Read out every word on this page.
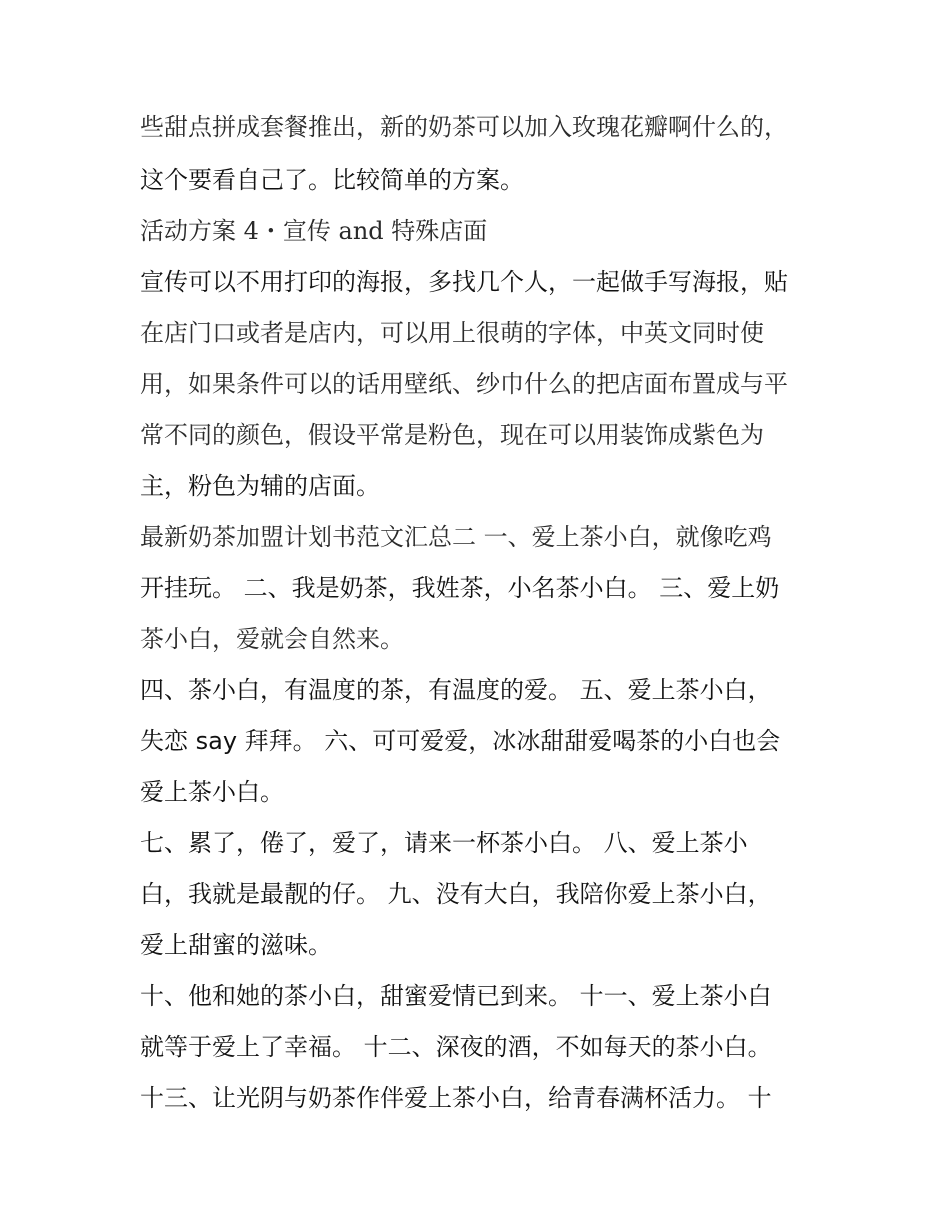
些甜点拼成套餐推出，新的奶茶可以加入玫瑰花瓣啊什么的，
这个要看自己了。比较简单的方案。
活动方案 4・宣传 and 特殊店面
宣传可以不用打印的海报，多找几个人，一起做手写海报，贴
在店门口或者是店内，可以用上很萌的字体，中英文同时使
用，如果条件可以的话用壁纸、纱巾什么的把店面布置成与平
常不同的颜色，假设平常是粉色，现在可以用装饰成紫色为
主，粉色为辅的店面。
最新奶茶加盟计划书范文汇总二 一、爱上茶小白，就像吃鸡
开挂玩。 二、我是奶茶，我姓茶，小名茶小白。 三、爱上奶
茶小白，爱就会自然来。
四、茶小白，有温度的茶，有温度的爱。 五、爱上茶小白，
失恋 say 拜拜。 六、可可爱爱，冰冰甜甜爱喝茶的小白也会
爱上茶小白。
七、累了，倦了，爱了，请来一杯茶小白。 八、爱上茶小
白，我就是最靓的仔。 九、没有大白，我陪你爱上茶小白，
爱上甜蜜的滋味。
十、他和她的茶小白，甜蜜爱情已到来。 十一、爱上茶小白
就等于爱上了幸福。 十二、深夜的酒，不如每天的茶小白。
十三、让光阴与奶茶作伴爱上茶小白，给青春满杯活力。 十
